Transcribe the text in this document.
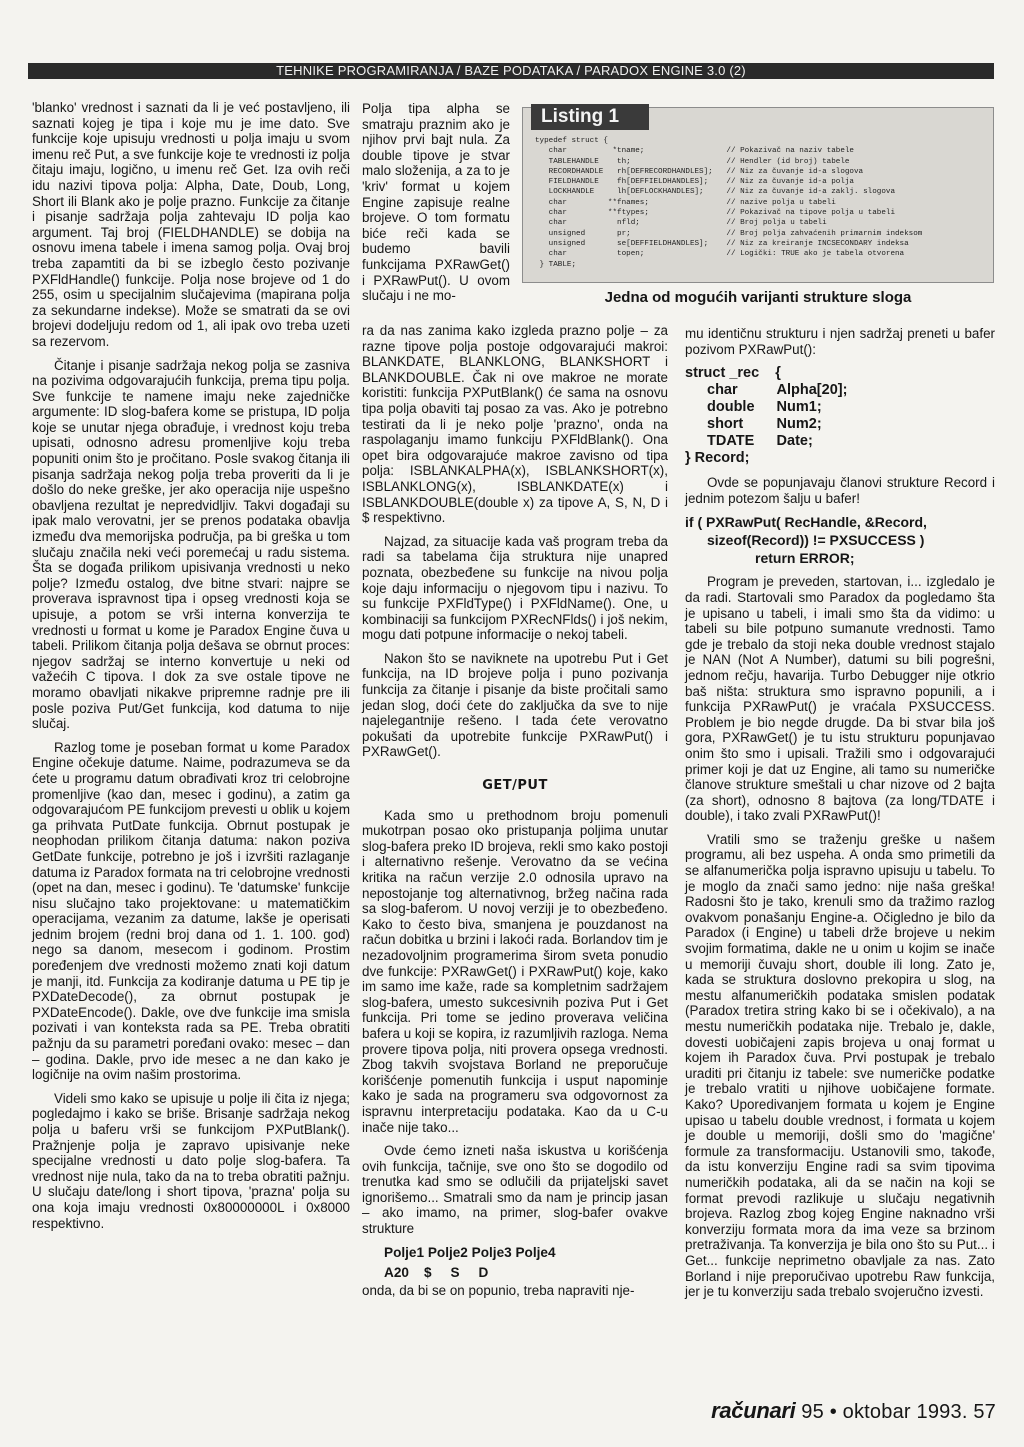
TEHNIKE PROGRAMIRANJA / BAZE PODATAKA / PARADOX ENGINE 3.0 (2)

'blanko' vrednost i saznati da li je već postavljeno, ili saznati kojeg je tipa i koje mu je ime dato. Sve funkcije koje upisuju vrednosti u polja imaju u svom imenu reč Put, a sve funkcije koje te vrednosti iz polja čitaju imaju, logično, u imenu reč Get. Iza ovih reči idu nazivi tipova polja: Alpha, Date, Doub, Long, Short ili Blank ako je polje prazno. Funkcije za čitanje i pisanje sadržaja polja zahtevaju ID polja kao argument. Taj broj (FIELDHANDLE) se dobija na osnovu imena tabele i imena samog polja. Ovaj broj treba zapamtiti da bi se izbeglo često pozivanje PXFldHandle() funkcije. Polja nose brojeve od 1 do 255, osim u specijalnim slučajevima (mapirana polja za sekundarne indekse). Može se smatrati da se ovi brojevi dodeljuju redom od 1, ali ipak ovo treba uzeti sa rezervom.

Čitanje i pisanje sadržaja nekog polja se zasniva na pozivima odgovarajućih funkcija, prema tipu polja. Sve funkcije te namene imaju neke zajedničke argumente: ID slog-bafera kome se pristupa, ID polja koje se unutar njega obrađuje, i vrednost koju treba upisati, odnosno adresu promenljive koju treba popuniti onim što je pročitano. Posle svakog čitanja ili pisanja sadržaja nekog polja treba proveriti da li je došlo do neke greške, jer ako operacija nije uspešno obavljena rezultat je nepredvidljiv. Takvi događaji su ipak malo verovatni, jer se prenos podataka obavlja između dva memorijska područja, pa bi greška u tom slučaju značila neki veći poremećaj u radu sistema. Šta se događa prilikom upisivanja vrednosti u neko polje? Između ostalog, dve bitne stvari: najpre se proverava ispravnost tipa i opseg vrednosti koja se upisuje, a potom se vrši interna konverzija te vrednosti u format u kome je Paradox Engine čuva u tabeli. Prilikom čitanja polja dešava se obrnut proces: njegov sadržaj se interno konvertuje u neki od važećih C tipova. I dok za sve ostale tipove ne moramo obavljati nikakve pripremne radnje pre ili posle poziva Put/Get funkcija, kod datuma to nije slučaj.

Razlog tome je poseban format u kome Paradox Engine očekuje datume. Naime, podrazumeva se da ćete u programu datum obrađivati kroz tri celobrojne promenljive (kao dan, mesec i godinu), a zatim ga odgovarajućom PE funkcijom prevesti u oblik u kojem ga prihvata PutDate funkcija. Obrnut postupak je neophodan prilikom čitanja datuma: nakon poziva GetDate funkcije, potrebno je još i izvršiti razlaganje datuma iz Paradox formata na tri celobrojne vrednosti (opet na dan, mesec i godinu). Te 'datumske' funkcije nisu slučajno tako projektovane: u matematičkim operacijama, vezanim za datume, lakše je operisati jednim brojem (redni broj dana od 1. 1. 100. god) nego sa danom, mesecom i godinom. Prostim poređenjem dve vrednosti možemo znati koji datum je manji, itd. Funkcija za kodiranje datuma u PE tip je PXDateDecode(), za obrnut postupak je PXDateEncode(). Dakle, ove dve funkcije ima smisla pozivati i van konteksta rada sa PE. Treba obratiti pažnju da su parametri poređani ovako: mesec – dan – godina. Dakle, prvo ide mesec a ne dan kako je logičnije na ovim našim prostorima.

Videli smo kako se upisuje u polje ili čita iz njega; pogledajmo i kako se briše. Brisanje sadržaja nekog polja u baferu vrši se funkcijom PXPutBlank(). Pražnjenje polja je zapravo upisivanje neke specijalne vrednosti u dato polje slog-bafera. Ta vrednost nije nula, tako da na to treba obratiti pažnju. U slučaju date/long i short tipova, 'prazna' polja su ona koja imaju vrednosti 0x80000000L i 0x8000 respektivno.

Polja tipa alpha se smatraju praznim ako je njihov prvi bajt nula. Za double tipove je stvar malo složenija, a za to je 'kriv' format u kojem Engine zapisuje realne brojeve. O tom formatu biće reči kada se budemo bavili funkcijama PXRawGet() i PXRawPut(). U ovom slučaju i ne mo-

Listing 1
typedef struct {
char          *tname;                  // Pokazivač na naziv tabele
TABLEHANDLE    th;                     // Hendler (id broj) tabele
RECORDHANDLE   rh[DEFRECORDHANDLES];   // Niz za čuvanje id-a slogova
FIELDHANDLE    fh[DEFFIELDHANDLES];    // Niz za čuvanje id-a polja
LOCKHANDLE     lh[DEFLOCKHANDLES];     // Niz za čuvanje id-a zaklj. slogova
char         **fnames;                 // nazive polja u tabeli
char         **ftypes;                 // Pokazivač na tipove polja u tabeli
char           nfld;                   // Broj polja u tabeli
unsigned       pr;                     // Broj polja zahvaćenih primarnim indeksom
unsigned       se[DEFFIELDHANDLES];    // Niz za kreiranje INCSECONDARY indeksa
char           topen;                  // Logički: TRUE ako je tabela otvorena
} TABLE;
Jedna od mogućih varijanti strukture sloga

ra da nas zanima kako izgleda prazno polje – za razne tipove polja postoje odgovarajući makroi: BLANKDATE, BLANKLONG, BLANKSHORT i BLANKDOUBLE. Čak ni ove makroe ne morate koristiti: funkcija PXPutBlank() će sama na osnovu tipa polja obaviti taj posao za vas. Ako je potrebno testirati da li je neko polje 'prazno', onda na raspolaganju imamo funkciju PXFldBlank(). Ona opet bira odgovarajuće makroe zavisno od tipa polja: ISBLANKALPHA(x), ISBLANKSHORT(x), ISBLANKLONG(x), ISBLANKDATE(x) i ISBLANKDOUBLE(double x) za tipove A, S, N, D i $ respektivno.

Najzad, za situacije kada vaš program treba da radi sa tabelama čija struktura nije unapred poznata, obezbeđene su funkcije na nivou polja koje daju informaciju o njegovom tipu i nazivu. To su funkcije PXFldType() i PXFldName(). One, u kombinaciji sa funkcijom PXRecNFlds() i još nekim, mogu dati potpune informacije o nekoj tabeli.

Nakon što se naviknete na upotrebu Put i Get funkcija, na ID brojeve polja i puno pozivanja funkcija za čitanje i pisanje da biste pročitali samo jedan slog, doći ćete do zaključka da sve to nije najelegantnije rešeno. I tada ćete verovatno pokušati da upotrebite funkcije PXRawPut() i PXRawGet().

GET/PUT

Kada smo u prethodnom broju pomenuli mukotrpan posao oko pristupanja poljima unutar slog-bafera preko ID brojeva, rekli smo kako postoji i alternativno rešenje. Verovatno da se većina kritika na račun verzije 2.0 odnosila upravo na nepostojanje tog alternativnog, bržeg načina rada sa slog-baferom. U novoj verziji je to obezbeđeno. Kako to često biva, smanjena je pouzdanost na račun dobitka u brzini i lakoći rada. Borlandov tim je nezadovoljnim programerima širom sveta ponudio dve funkcije: PXRawGet() i PXRawPut() koje, kako im samo ime kaže, rade sa kompletnim sadržajem slog-bafera, umesto sukcesivnih poziva Put i Get funkcija. Pri tome se jedino proverava veličina bafera u koji se kopira, iz razumljivih razloga. Nema provere tipova polja, niti provera opsega vrednosti. Zbog takvih svojstava Borland ne preporučuje korišćenje pomenutih funkcija i usput napominje kako je sada na programeru sva odgovornost za ispravnu interpretaciju podataka. Kao da u C-u inače nije tako...

Ovde ćemo izneti naša iskustva u korišćenja ovih funkcija, tačnije, sve ono što se dogodilo od trenutka kad smo se odlučili da prijateljski savet ignorišemo... Smatrali smo da nam je princip jasan – ako imamo, na primer, slog-bafer ovakve strukture

Polje1 Polje2 Polje3 Polje4
A20    $     S     D

onda, da bi se on popunio, treba napraviti nje-

mu identičnu strukturu i njen sadržaj preneti u bafer pozivom PXRawPut():

struct _rec    {
char	Alpha[20];
double	Num1;
short	Num2;
TDATE	Date;
} Record;

Ovde se popunjavaju članovi strukture Record i jednim potezom šalju u bafer!

if ( PXRawPut( RecHandle, &Record,
sizeof(Record)) != PXSUCCESS )
return ERROR;

Program je preveden, startovan, i... izgledalo je da radi. Startovali smo Paradox da pogledamo šta je upisano u tabeli, i imali smo šta da vidimo: u tabeli su bile potpuno sumanute vrednosti. Tamo gde je trebalo da stoji neka double vrednost stajalo je NAN (Not A Number), datumi su bili pogrešni, jednom rečju, havarija. Turbo Debugger nije otkrio baš ništa: struktura smo ispravno popunili, a i funkcija PXRawPut() je vraćala PXSUCCESS. Problem je bio negde drugde. Da bi stvar bila još gora, PXRawGet() je tu istu strukturu popunjavao onim što smo i upisali. Tražili smo i odgovarajući primer koji je dat uz Engine, ali tamo su numeričke članove strukture smeštali u char nizove od 2 bajta (za short), odnosno 8 bajtova (za long/TDATE i double), i tako zvali PXRawPut()!

Vratili smo se traženju greške u našem programu, ali bez uspeha. A onda smo primetili da se alfanumerička polja ispravno upisuju u tabelu. To je moglo da znači samo jedno: nije naša greška! Radosni što je tako, krenuli smo da tražimo razlog ovakvom ponašanju Engine-a. Očigledno je bilo da Paradox (i Engine) u tabeli drže brojeve u nekim svojim formatima, dakle ne u onim u kojim se inače u memoriji čuvaju short, double ili long. Zato je, kada se struktura doslovno prekopira u slog, na mestu alfanumeričkih podataka smislen podatak (Paradox tretira string kako bi se i očekivalo), a na mestu numeričkih podataka nije. Trebalo je, dakle, dovesti uobičajeni zapis brojeva u onaj format u kojem ih Paradox čuva. Prvi postupak je trebalo uraditi pri čitanju iz tabele: sve numeričke podatke je trebalo vratiti u njihove uobičajene formate. Kako? Uporedivanjem formata u kojem je Engine upisao u tabelu double vrednost, i formata u kojem je double u memoriji, došli smo do 'magične' formule za transformaciju. Ustanovili smo, takođe, da istu konverziju Engine radi sa svim tipovima numeričkih podataka, ali da se način na koji se format prevodi razlikuje u slučaju negativnih brojeva. Razlog zbog kojeg Engine naknadno vrši konverziju formata mora da ima veze sa brzinom pretraživanja. Ta konverzija je bila ono što su Put... i Get... funkcije neprimetno obavljale za nas. Zato Borland i nije preporučivao upotrebu Raw funkcija, jer je tu konverziju sada trebalo svojeručno izvesti.

računari 95 • oktobar 1993. 57
